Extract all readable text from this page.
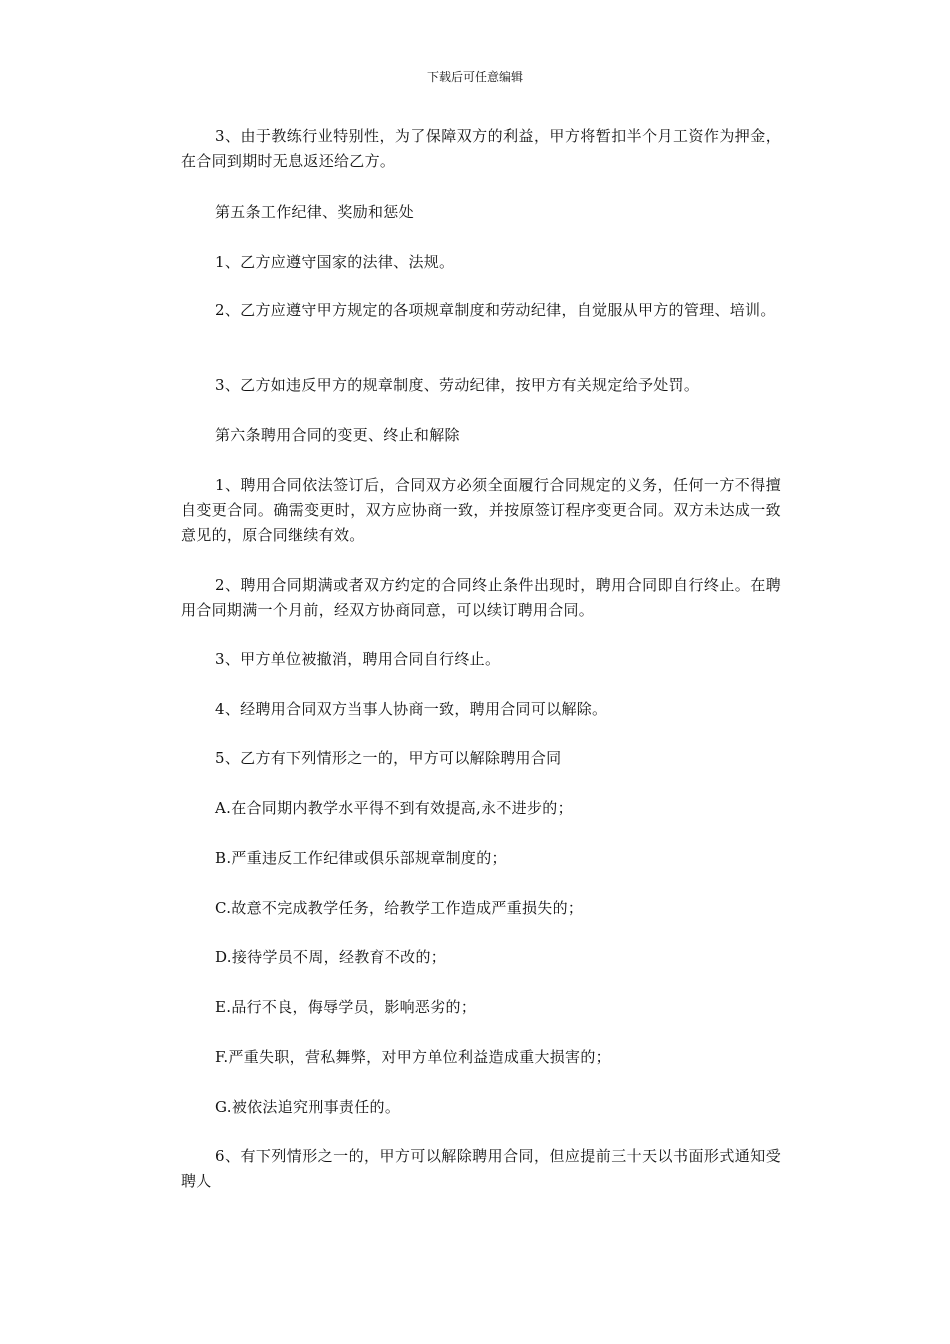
下载后可任意编辑

3、由于教练行业特别性，为了保障双方的利益，甲方将暂扣半个月工资作为押金，在合同到期时无息返还给乙方。

第五条工作纪律、奖励和惩处

1、乙方应遵守国家的法律、法规。

2、乙方应遵守甲方规定的各项规章制度和劳动纪律，自觉服从甲方的管理、培训。

3、乙方如违反甲方的规章制度、劳动纪律，按甲方有关规定给予处罚。

第六条聘用合同的变更、终止和解除

1、聘用合同依法签订后，合同双方必须全面履行合同规定的义务，任何一方不得擅自变更合同。确需变更时，双方应协商一致，并按原签订程序变更合同。双方未达成一致意见的，原合同继续有效。

2、聘用合同期满或者双方约定的合同终止条件出现时，聘用合同即自行终止。在聘用合同期满一个月前，经双方协商同意，可以续订聘用合同。

3、甲方单位被撤消，聘用合同自行终止。

4、经聘用合同双方当事人协商一致，聘用合同可以解除。

5、乙方有下列情形之一的，甲方可以解除聘用合同

A.在合同期内教学水平得不到有效提高,永不进步的；

B.严重违反工作纪律或俱乐部规章制度的；

C.故意不完成教学任务，给教学工作造成严重损失的；

D.接待学员不周，经教育不改的；

E.品行不良，侮辱学员，影响恶劣的；

F.严重失职，营私舞弊，对甲方单位利益造成重大损害的；

G.被依法追究刑事责任的。

6、有下列情形之一的，甲方可以解除聘用合同，但应提前三十天以书面形式通知受聘人
